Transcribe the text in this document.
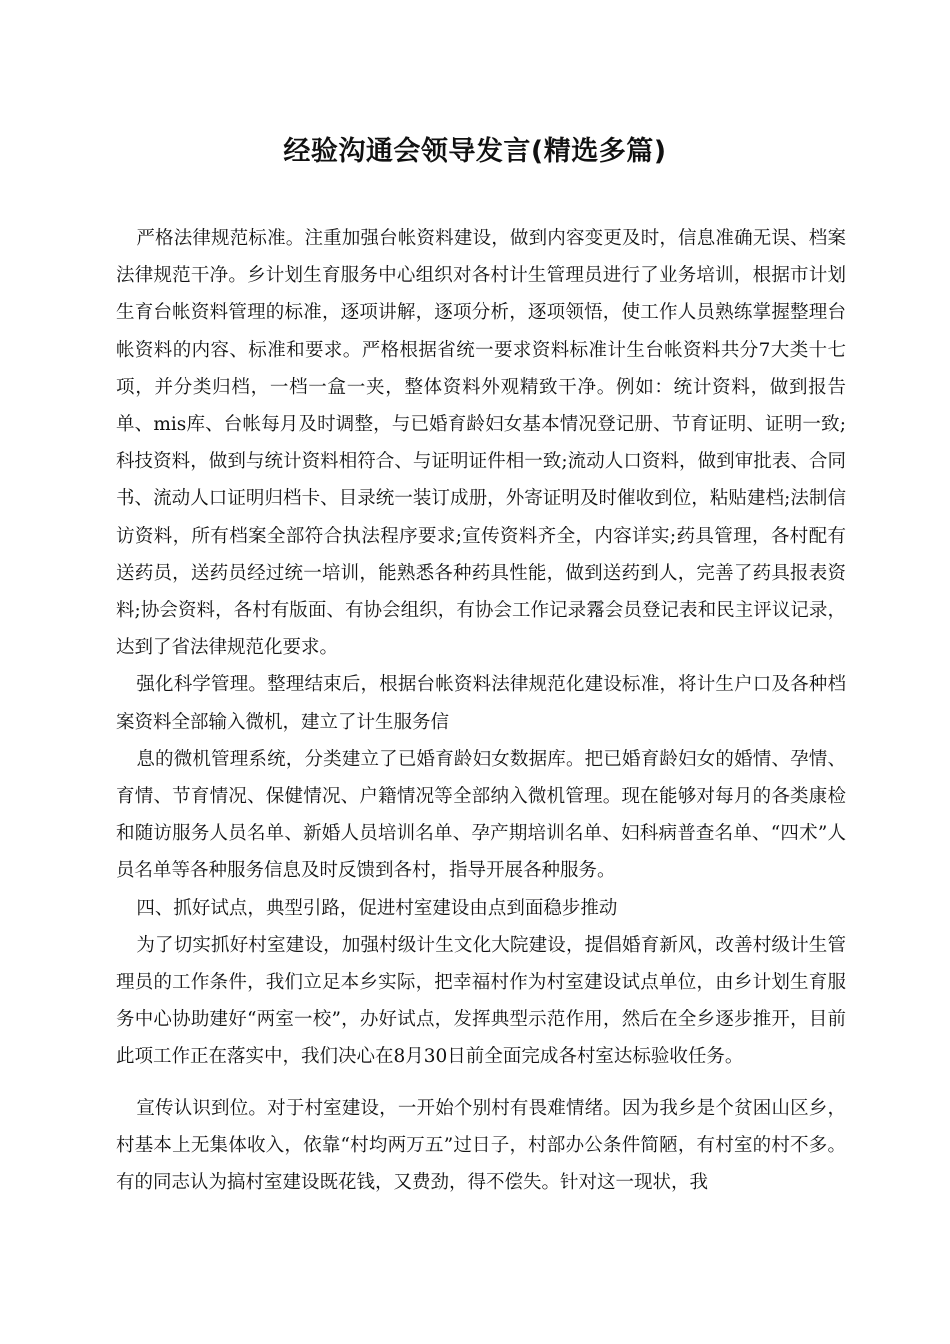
经验沟通会领导发言(精选多篇)

严格法律规范标准。注重加强台帐资料建设，做到内容变更及时，信息准确无误、档案法律规范干净。乡计划生育服务中心组织对各村计生管理员进行了业务培训，根据市计划生育台帐资料管理的标准，逐项讲解，逐项分析，逐项领悟，使工作人员熟练掌握整理台帐资料的内容、标准和要求。严格根据省统一要求资料标准计生台帐资料共分7大类十七项，并分类归档，一档一盒一夹，整体资料外观精致干净。例如：统计资料，做到报告单、mis库、台帐每月及时调整，与已婚育龄妇女基本情况登记册、节育证明、证明一致;科技资料，做到与统计资料相符合、与证明证件相一致;流动人口资料，做到审批表、合同书、流动人口证明归档卡、目录统一装订成册，外寄证明及时催收到位，粘贴建档;法制信访资料，所有档案全部符合执法程序要求;宣传资料齐全，内容详实;药具管理，各村配有送药员，送药员经过统一培训，能熟悉各种药具性能，做到送药到人，完善了药具报表资料;协会资料，各村有版面、有协会组织，有协会工作记录霿会员登记表和民主评议记录，达到了省法律规范化要求。

强化科学管理。整理结束后，根据台帐资料法律规范化建设标准，将计生户口及各种档案资料全部输入微机，建立了计生服务信

息的微机管理系统，分类建立了已婚育龄妇女数据库。把已婚育龄妇女的婚情、孕情、育情、节育情况、保健情况、户籍情况等全部纳入微机管理。现在能够对每月的各类康检和随访服务人员名单、新婚人员培训名单、孕产期培训名单、妇科病普查名单、“四术”人员名单等各种服务信息及时反馈到各村，指导开展各种服务。

四、抓好试点，典型引路，促进村室建设由点到面稳步推动

为了切实抓好村室建设，加强村级计生文化大院建设，提倡婚育新风，改善村级计生管理员的工作条件，我们立足本乡实际，把幸福村作为村室建设试点单位，由乡计划生育服务中心协助建好“两室一校”，办好试点，发挥典型示范作用，然后在全乡逐步推开，目前此项工作正在落实中，我们决心在8月30日前全面完成各村室达标验收任务。

宣传认识到位。对于村室建设，一开始个别村有畏难情绪。因为我乡是个贫困山区乡，村基本上无集体收入，依靠“村均两万五”过日子，村部办公条件简陋，有村室的村不多。有的同志认为搞村室建设既花钱，又费劲，得不偿失。针对这一现状，我
